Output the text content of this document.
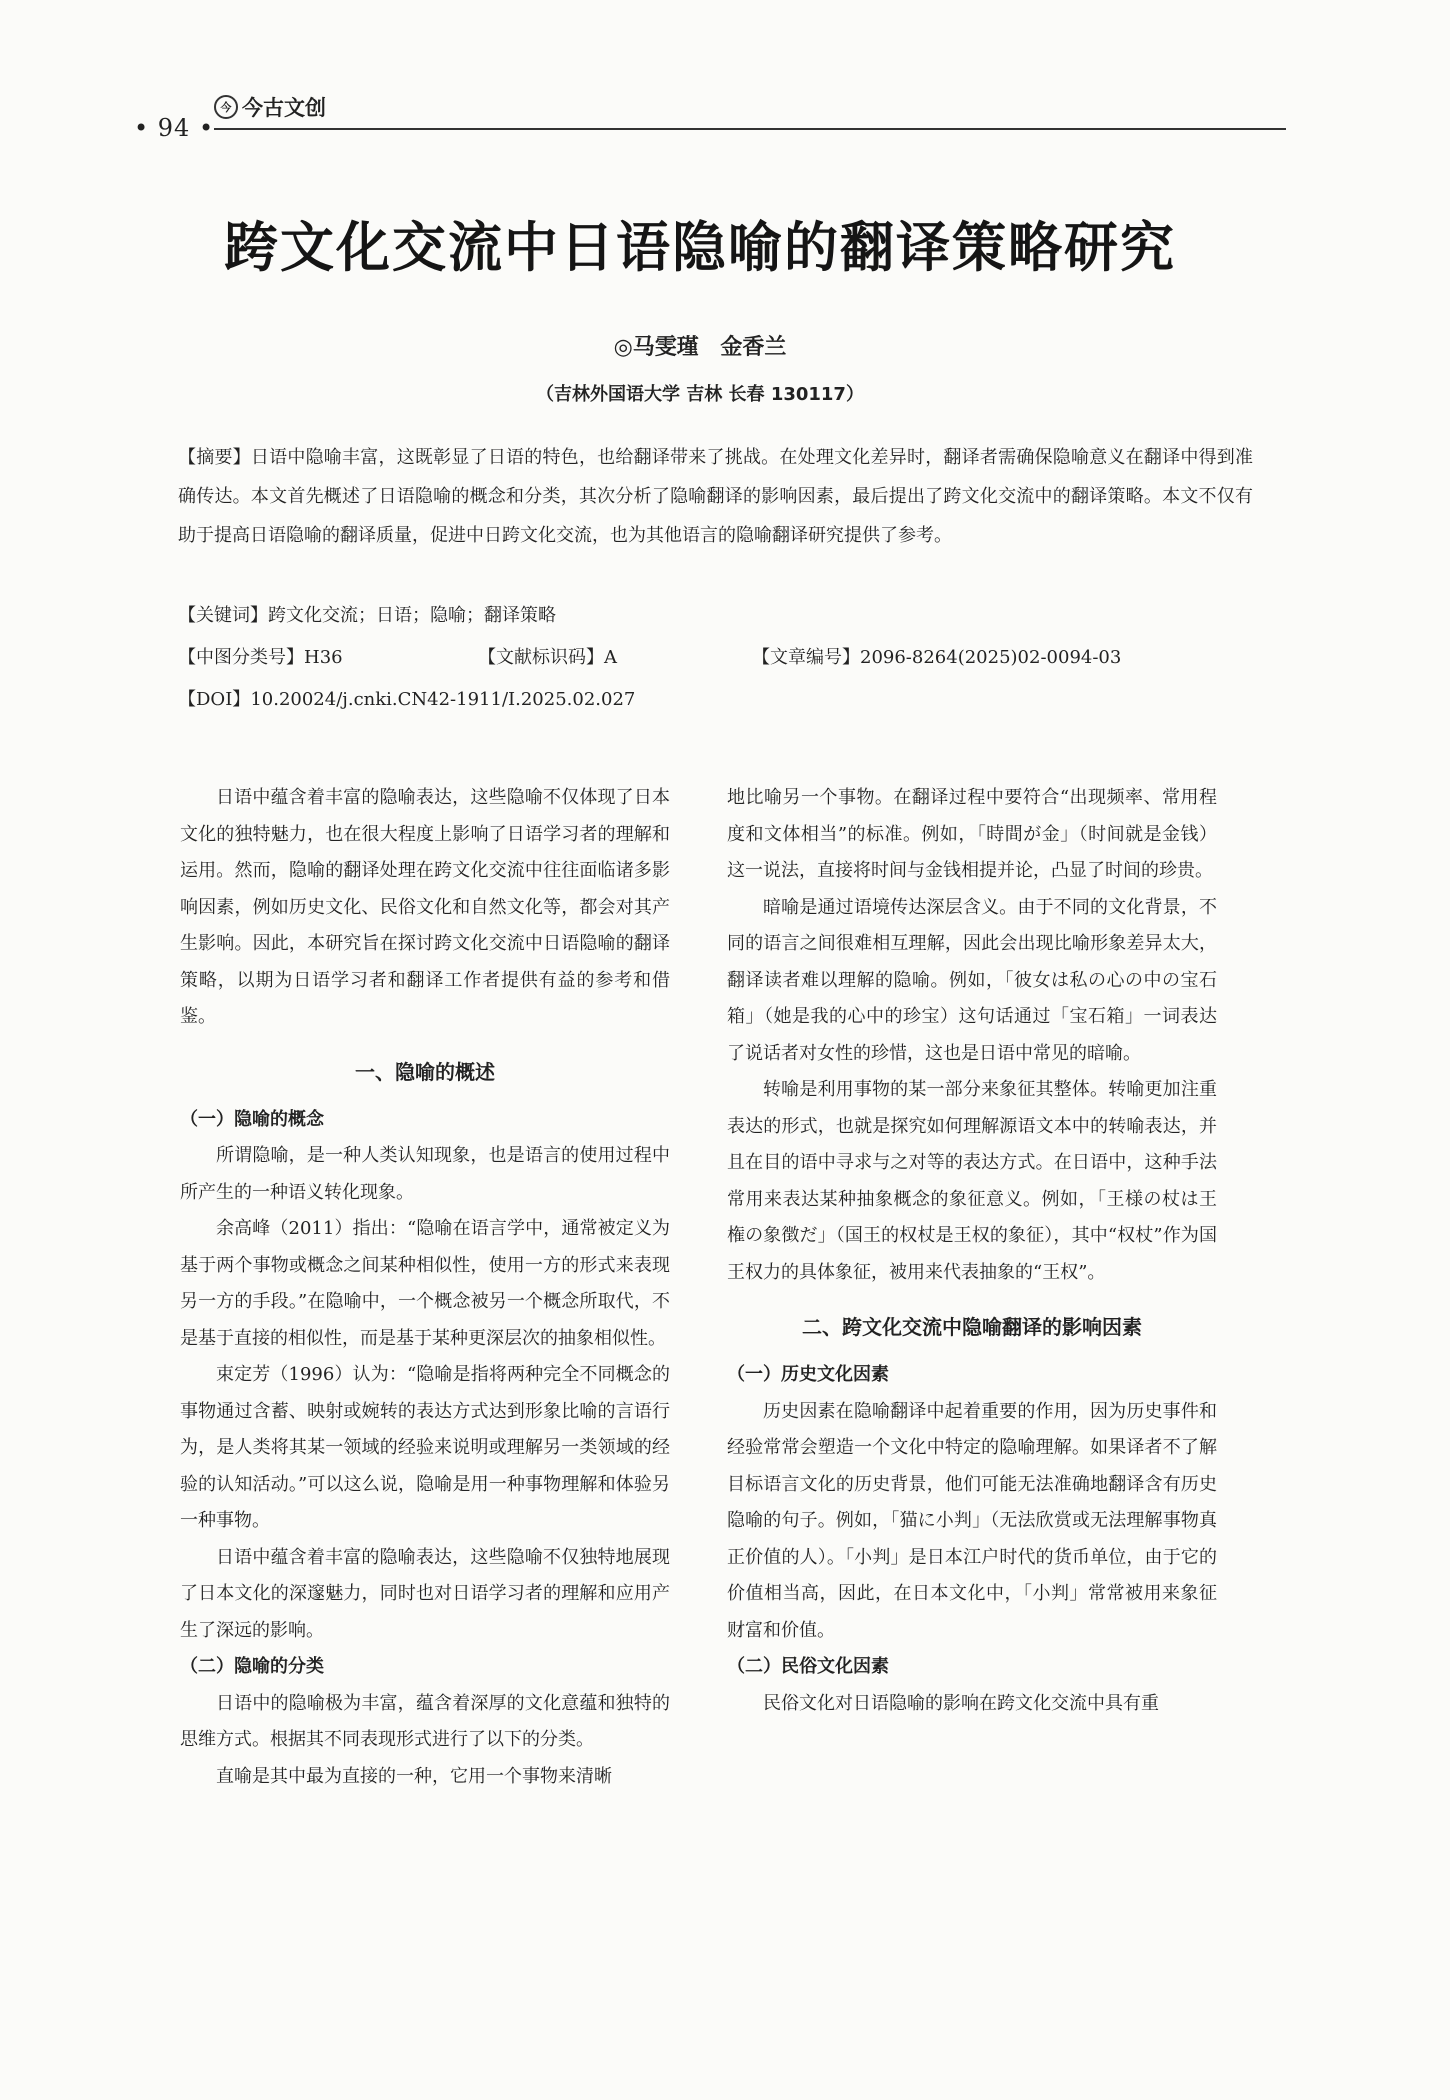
• 94 •
今 今古文创
跨文化交流中日语隐喻的翻译策略研究
◎马雯瑾 金香兰
（吉林外国语大学 吉林 长春 130117）

【摘要】日语中隐喻丰富，这既彰显了日语的特色，也给翻译带来了挑战。在处理文化差异时，翻译者需确保隐喻意义在翻译中得到准确传达。本文首先概述了日语隐喻的概念和分类，其次分析了隐喻翻译的影响因素，最后提出了跨文化交流中的翻译策略。本文不仅有助于提高日语隐喻的翻译质量，促进中日跨文化交流，也为其他语言的隐喻翻译研究提供了参考。

【关键词】跨文化交流；日语；隐喻；翻译策略
【中图分类号】H36	【文献标识码】A	【文章编号】2096-8264(2025)02-0094-03
【DOI】10.20024/j.cnki.CN42-1911/I.2025.02.027

日语中蕴含着丰富的隐喻表达，这些隐喻不仅体现了日本文化的独特魅力，也在很大程度上影响了日语学习者的理解和运用。然而，隐喻的翻译处理在跨文化交流中往往面临诸多影响因素，例如历史文化、民俗文化和自然文化等，都会对其产生影响。因此，本研究旨在探讨跨文化交流中日语隐喻的翻译策略，以期为日语学习者和翻译工作者提供有益的参考和借鉴。

一、隐喻的概述
（一）隐喻的概念

所谓隐喻，是一种人类认知现象，也是语言的使用过程中所产生的一种语义转化现象。

余高峰（2011）指出：“隐喻在语言学中，通常被定义为基于两个事物或概念之间某种相似性，使用一方的形式来表现另一方的手段。”在隐喻中，一个概念被另一个概念所取代，不是基于直接的相似性，而是基于某种更深层次的抽象相似性。

束定芳（1996）认为：“隐喻是指将两种完全不同概念的事物通过含蓄、映射或婉转的表达方式达到形象比喻的言语行为，是人类将其某一领域的经验来说明或理解另一类领域的经验的认知活动。”可以这么说，隐喻是用一种事物理解和体验另一种事物。

日语中蕴含着丰富的隐喻表达，这些隐喻不仅独特地展现了日本文化的深邃魅力，同时也对日语学习者的理解和应用产生了深远的影响。

（二）隐喻的分类

日语中的隐喻极为丰富，蕴含着深厚的文化意蕴和独特的思维方式。根据其不同表现形式进行了以下的分类。

直喻是其中最为直接的一种，它用一个事物来清晰

地比喻另一个事物。在翻译过程中要符合“出现频率、常用程度和文体相当”的标准。例如，「時間が金」（时间就是金钱）这一说法，直接将时间与金钱相提并论，凸显了时间的珍贵。

暗喻是通过语境传达深层含义。由于不同的文化背景，不同的语言之间很难相互理解，因此会出现比喻形象差异太大，翻译读者难以理解的隐喻。例如，「彼女は私の心の中の宝石箱」（她是我的心中的珍宝）这句话通过「宝石箱」一词表达了说话者对女性的珍惜，这也是日语中常见的暗喻。

转喻是利用事物的某一部分来象征其整体。转喻更加注重表达的形式，也就是探究如何理解源语文本中的转喻表达，并且在目的语中寻求与之对等的表达方式。在日语中，这种手法常用来表达某种抽象概念的象征意义。例如，「王様の杖は王権の象徴だ」（国王的权杖是王权的象征），其中“权杖”作为国王权力的具体象征，被用来代表抽象的“王权”。

二、跨文化交流中隐喻翻译的影响因素
（一）历史文化因素

历史因素在隐喻翻译中起着重要的作用，因为历史事件和经验常常会塑造一个文化中特定的隐喻理解。如果译者不了解目标语言文化的历史背景，他们可能无法准确地翻译含有历史隐喻的句子。例如，「猫に小判」（无法欣赏或无法理解事物真正价值的人）。「小判」是日本江户时代的货币单位，由于它的价值相当高，因此，在日本文化中，「小判」常常被用来象征财富和价值。

（二）民俗文化因素

民俗文化对日语隐喻的影响在跨文化交流中具有重
